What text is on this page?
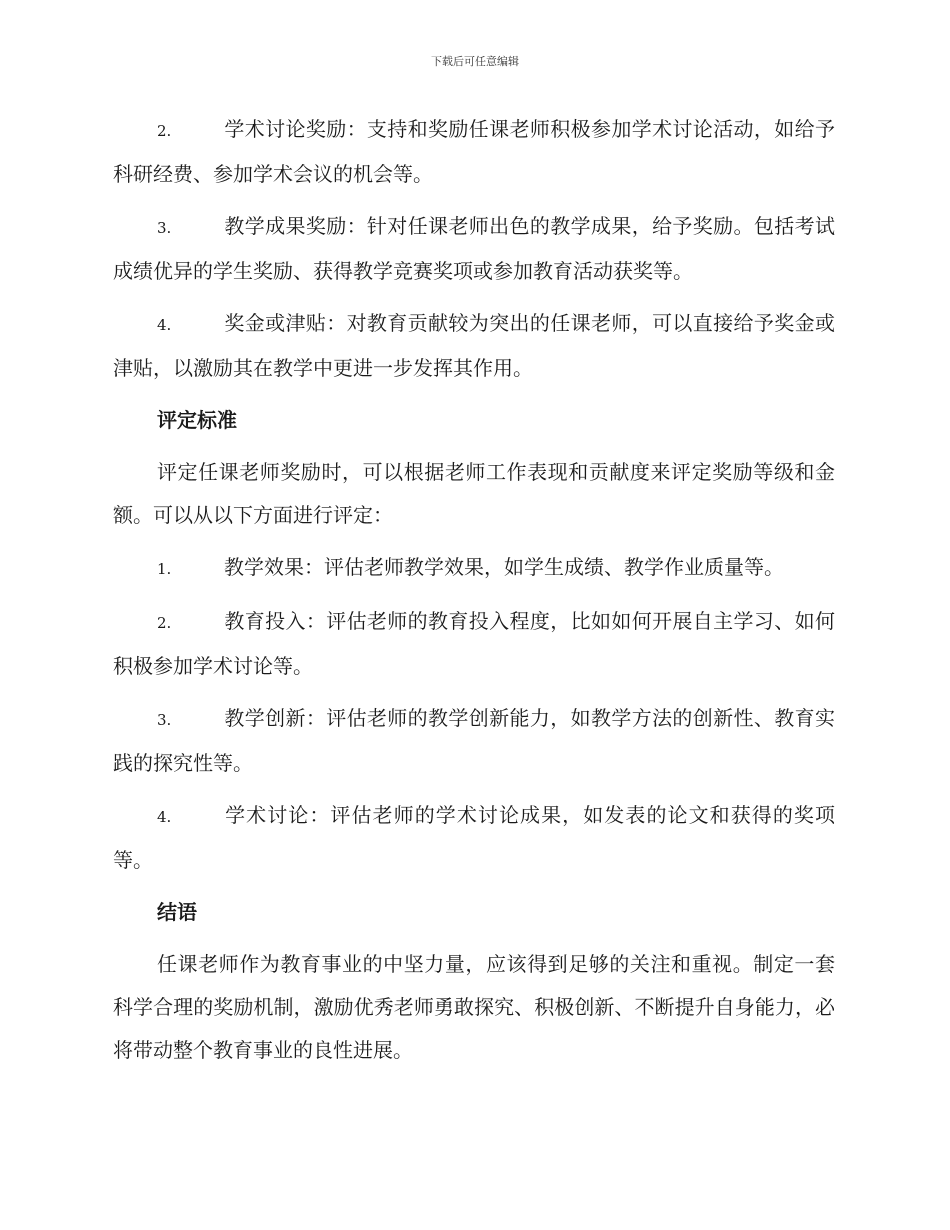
下载后可任意编辑
2.	学术讨论奖励：支持和奖励任课老师积极参加学术讨论活动，如给予科研经费、参加学术会议的机会等。
3.	教学成果奖励：针对任课老师出色的教学成果，给予奖励。包括考试成绩优异的学生奖励、获得教学竞赛奖项或参加教育活动获奖等。
4.	奖金或津贴：对教育贡献较为突出的任课老师，可以直接给予奖金或津贴，以激励其在教学中更进一步发挥其作用。
评定标准
评定任课老师奖励时，可以根据老师工作表现和贡献度来评定奖励等级和金额。可以从以下方面进行评定：
1.	教学效果：评估老师教学效果，如学生成绩、教学作业质量等。
2.	教育投入：评估老师的教育投入程度，比如如何开展自主学习、如何积极参加学术讨论等。
3.	教学创新：评估老师的教学创新能力，如教学方法的创新性、教育实践的探究性等。
4.	学术讨论：评估老师的学术讨论成果，如发表的论文和获得的奖项等。
结语
任课老师作为教育事业的中坚力量，应该得到足够的关注和重视。制定一套科学合理的奖励机制，激励优秀老师勇敢探究、积极创新、不断提升自身能力，必将带动整个教育事业的良性进展。
